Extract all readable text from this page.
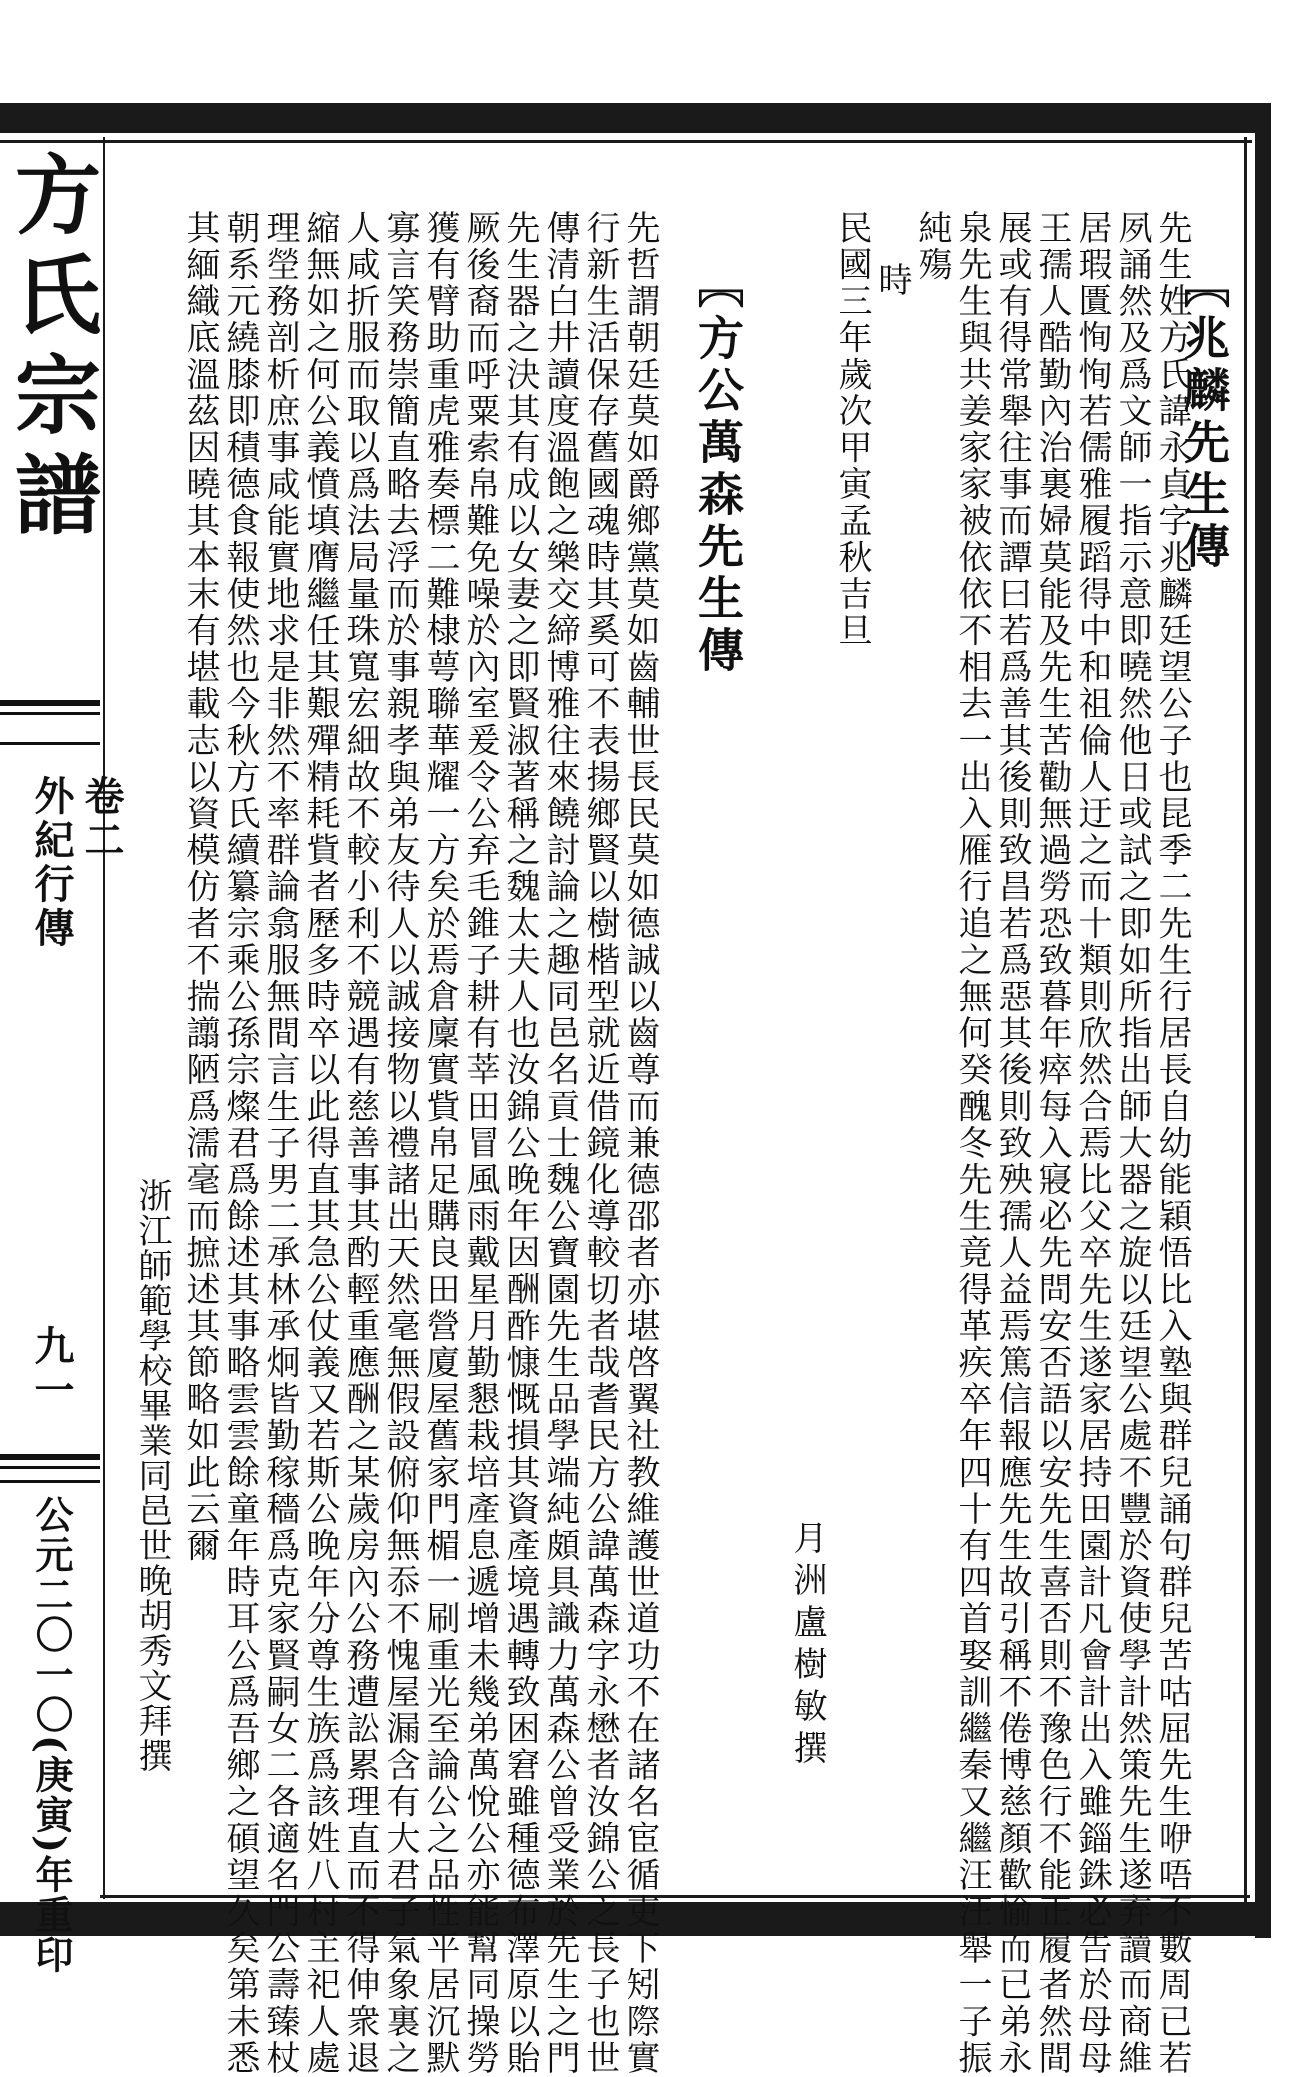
方氏宗譜
卷二
外紀行傳
九一
公元二〇一〇(庚寅)年重印
〖兆麟先生傳
先生姓方氏諱永貞字兆麟廷望公子也昆季二先生行居長自幼能穎悟比入塾與群兒誦句群兒苦咕屈先生咿唔不數周已若
夙誦然及爲文師一指示意即曉然他日或試之即如所指出師大器之旋以廷望公處不豐於資使學計然策先生遂弃讀而商維
居瑕匱恂恂若儒雅履蹈得中和祖倫人迂之而十類則欣然合焉比父卒先生遂家居持田園計凡會計出入雖錙銖必告於母母
王孺人酷勤內治裏婦莫能及先生苦勸無過勞恐致暮年瘁每入寢必先問安否語以安先生喜否則不豫色行不能正履者然間
展或有得常舉往事而譚曰若爲善其後則致昌若爲惡其後則致殃孺人益焉篤信報應先生故引稱不倦博慈顏歡愉而已弟永
泉先生與共姜家家被依依不相去一出入雁行追之無何癸醜冬先生竟得革疾卒年四十有四首娶訓繼秦又繼汪汪舉一子振
純殤
時
民國三年歲次甲寅孟秋吉旦
月洲盧樹敏撰
〖方公萬森先生傳
先哲謂朝廷莫如爵鄉黨莫如齒輔世長民莫如德誠以齒尊而兼德邵者亦堪啓翼社教維護世道功不在諸名宦循吏下矧際實
行新生活保存舊國魂時其奚可不表揚鄉賢以樹楷型就近借鏡化導較切者哉耆民方公諱萬森字永懋者汝錦公之長子也世
傳清白井讀度溫飽之樂交締博雅往來饒討論之趣同邑名貢士魏公寶園先生品學端純頗具識力萬森公曾受業於先生之門
先生器之決其有成以女妻之即賢淑著稱之魏太夫人也汝錦公晚年因酬酢慷慨損其資產境遇轉致困窘雖種德布澤原以貽
厥後裔而呼粟索帛難免噪於內室爰令公弃毛錐子耕有莘田冒風雨戴星月勤懇栽培產息遞增未幾弟萬悅公亦能幫同操勞
獲有臂助重虎雅奏標二難棣萼聯華耀一方矣於焉倉廩實貲帛足購良田營廈屋舊家門楣一刷重光至論公之品性平居沉默
寡言笑務崇簡直略去浮而於事親孝與弟友待人以誠接物以禮諸出天然毫無假設俯仰無忝不愧屋漏含有大君子氣象裏之
人咸折服而取以爲法局量珠寬宏細故不較小利不競遇有慈善事其酌輕重應酬之某歲房內公務遭訟累理直而不得伸衆退
縮無如之何公義憤填膺繼任其艱殫精耗貲者歷多時卒以此得直其急公仗義又若斯公晚年分尊生族爲該姓八村主祀人處
理塋務剖析庶事咸能實地求是非然不率群論翕服無間言生子男二承林承炯皆勤稼穡爲克家賢嗣女二各適名門公壽臻杖
朝系元繞膝即積德食報使然也今秋方氏續纂宗乘公孫宗燦君爲餘述其事略雲雲餘童年時耳公爲吾鄉之碩望久矣第未悉
其緬織底溫茲因曉其本末有堪載志以資模仿者不揣譾陋爲濡毫而摭述其節略如此云爾
浙江師範學校畢業同邑世晚胡秀文拜撰
